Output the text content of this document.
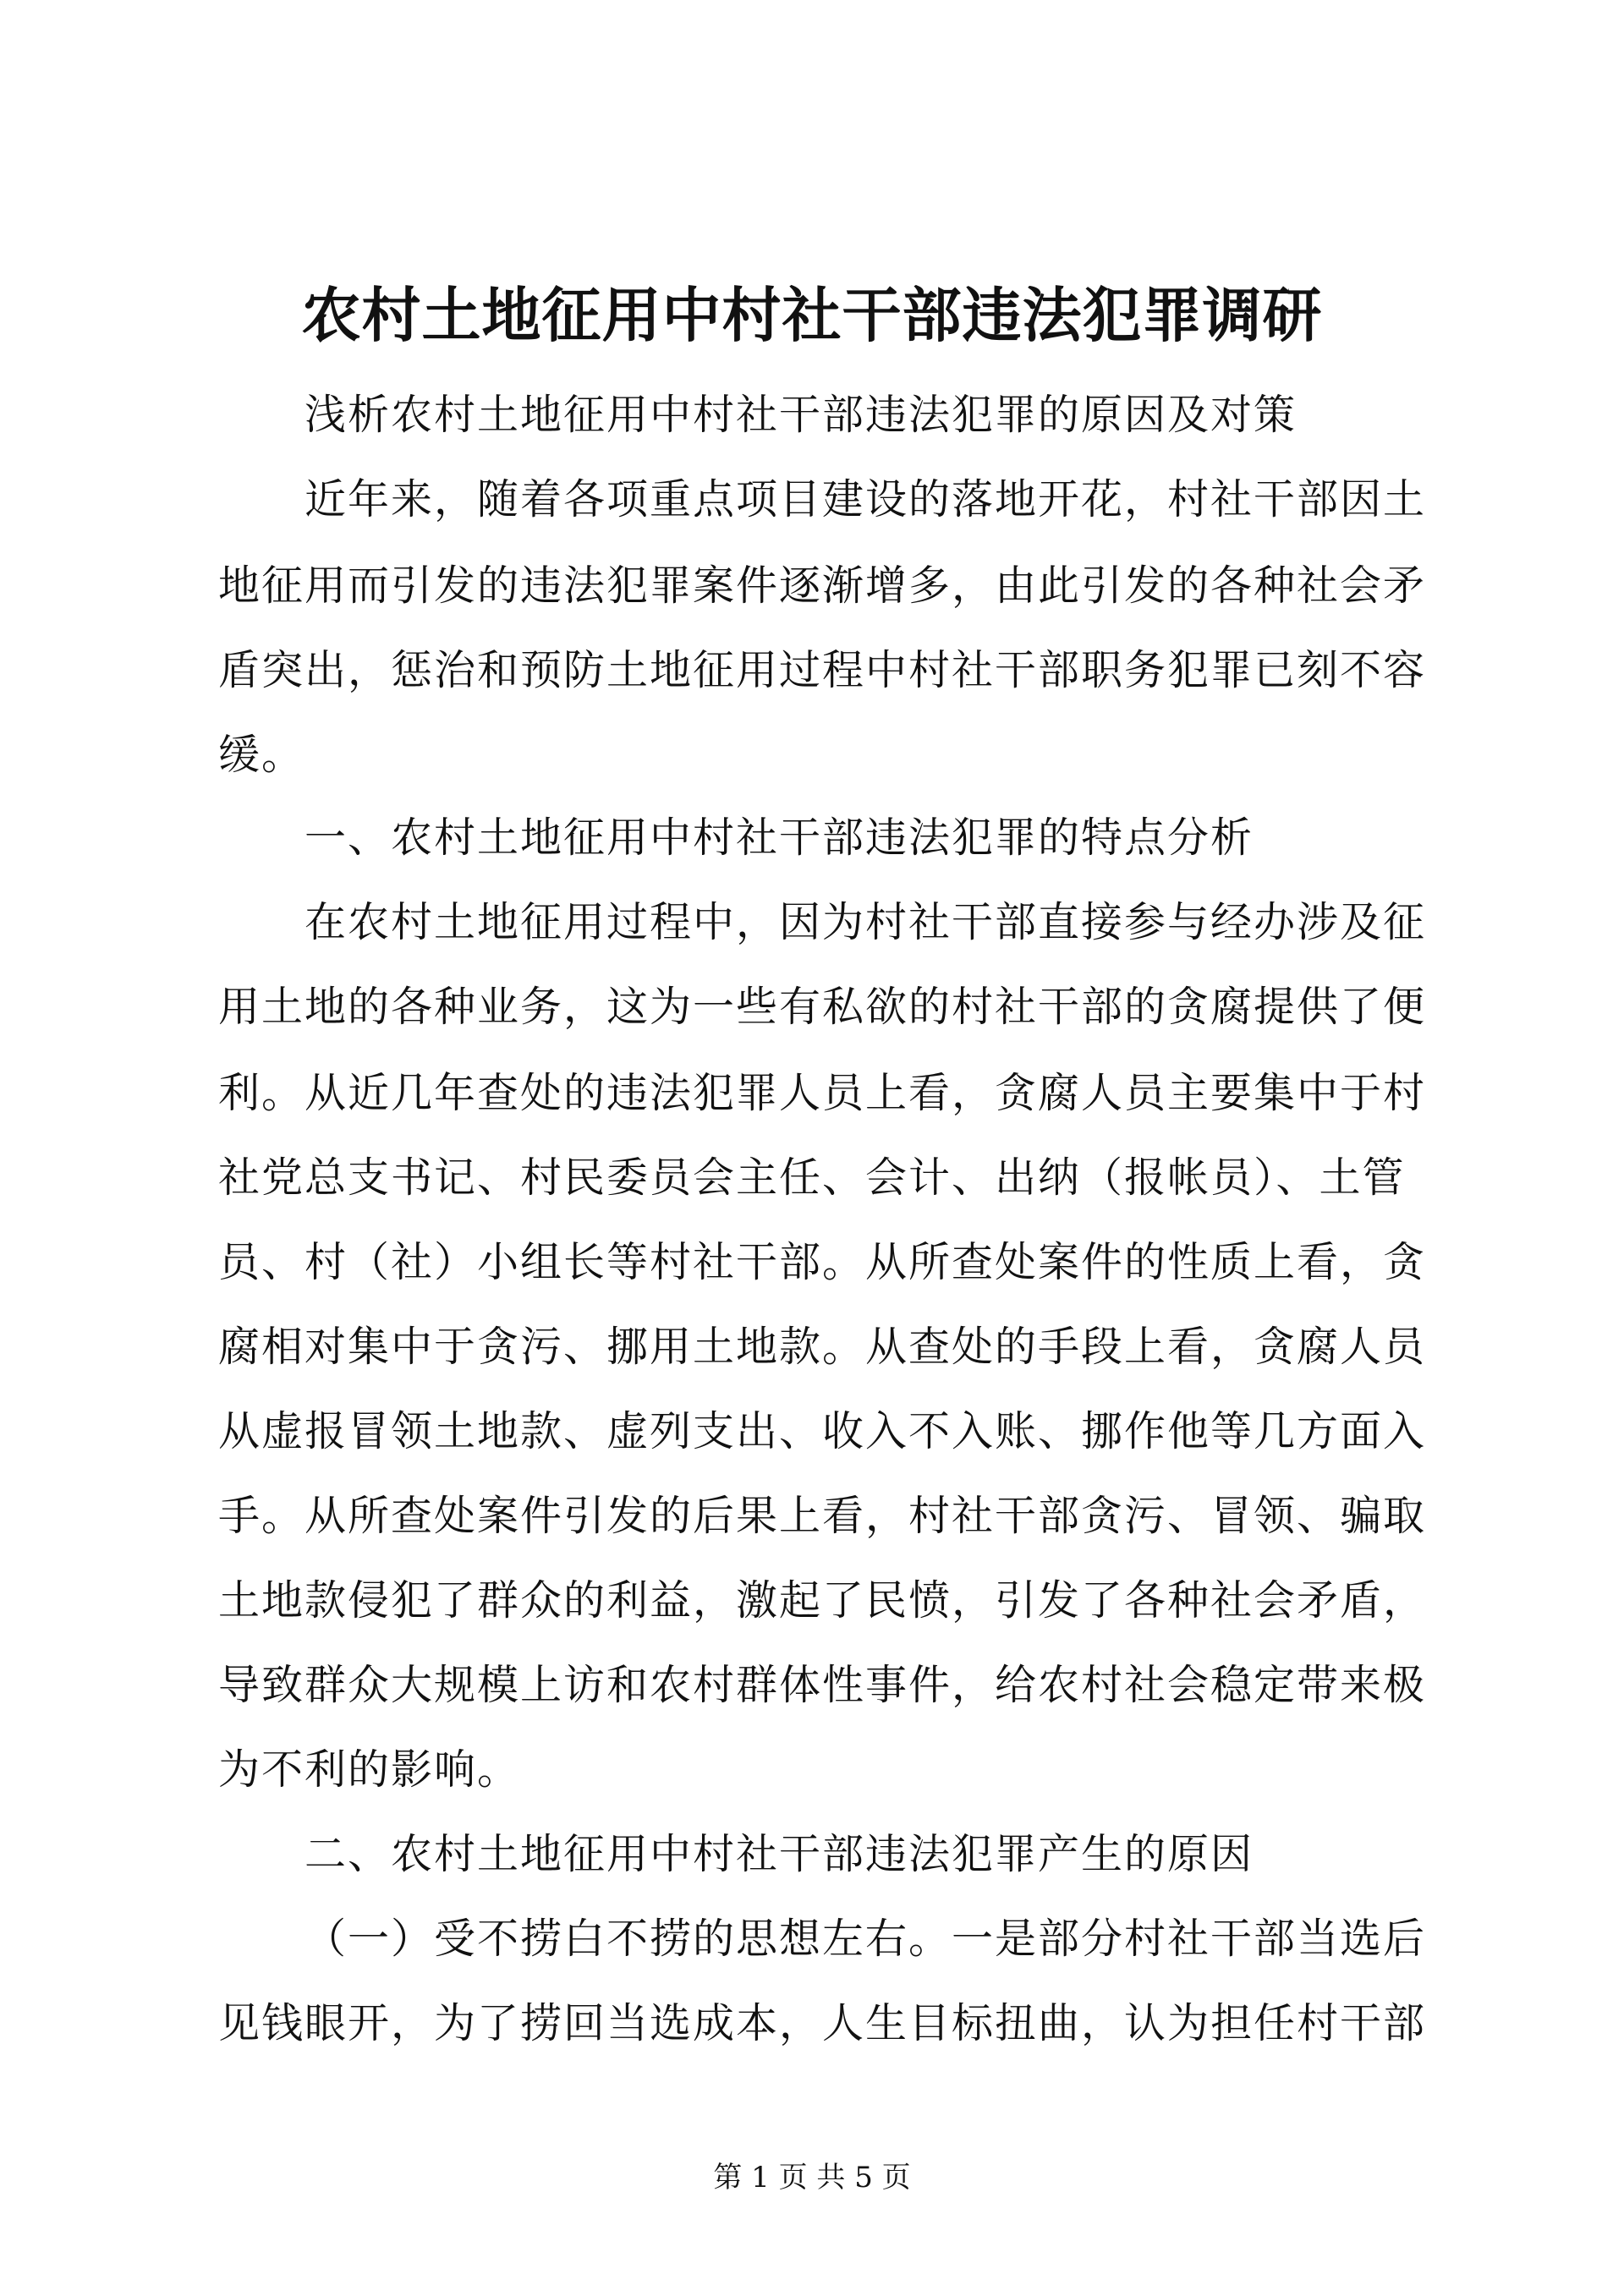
农村土地征用中村社干部违法犯罪调研
浅析农村土地征用中村社干部违法犯罪的原因及对策
近年来，随着各项重点项目建设的落地开花，村社干部因土
地征用而引发的违法犯罪案件逐渐增多，由此引发的各种社会矛
盾突出，惩治和预防土地征用过程中村社干部职务犯罪已刻不容
缓。
一、农村土地征用中村社干部违法犯罪的特点分析
在农村土地征用过程中，因为村社干部直接参与经办涉及征
用土地的各种业务，这为一些有私欲的村社干部的贪腐提供了便
利。从近几年查处的违法犯罪人员上看，贪腐人员主要集中于村
社党总支书记、村民委员会主任、会计、出纳（报帐员）、土管
员、村（社）小组长等村社干部。从所查处案件的性质上看，贪
腐相对集中于贪污、挪用土地款。从查处的手段上看，贪腐人员
从虚报冒领土地款、虚列支出、收入不入账、挪作他等几方面入
手。从所查处案件引发的后果上看，村社干部贪污、冒领、骗取
土地款侵犯了群众的利益，激起了民愤，引发了各种社会矛盾，
导致群众大规模上访和农村群体性事件，给农村社会稳定带来极
为不利的影响。
二、农村土地征用中村社干部违法犯罪产生的原因
（一）受不捞白不捞的思想左右。一是部分村社干部当选后
见钱眼开，为了捞回当选成本，人生目标扭曲，认为担任村干部
第 1 页 共 5 页
